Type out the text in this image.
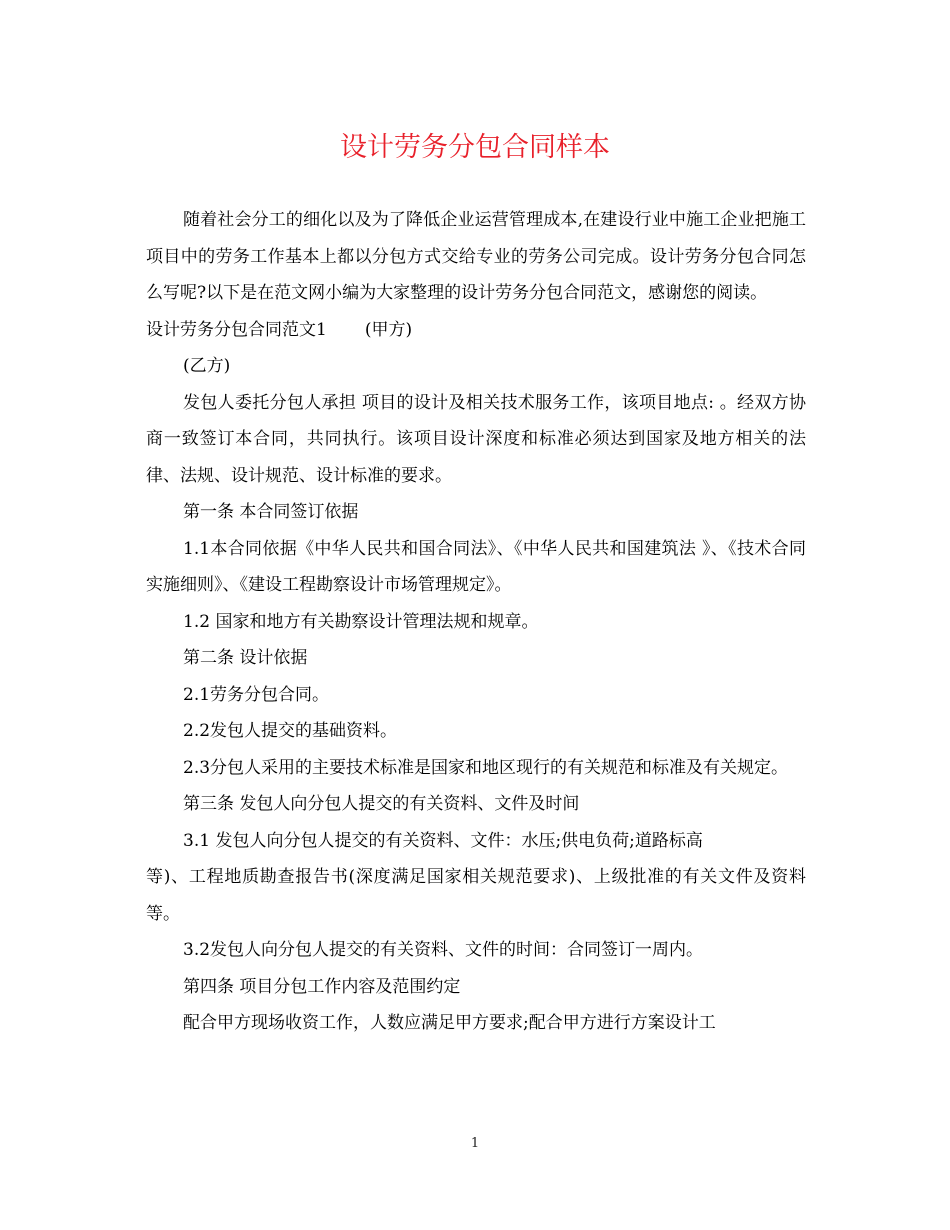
设计劳务分包合同样本

随着社会分工的细化以及为了降低企业运营管理成本,在建设行业中施工企业把施工项目中的劳务工作基本上都以分包方式交给专业的劳务公司完成。设计劳务分包合同怎么写呢?以下是在范文网小编为大家整理的设计劳务分包合同范文，感谢您的阅读。

设计劳务分包合同范文1 (甲方)

(乙方)

发包人委托分包人承担 项目的设计及相关技术服务工作，该项目地点: 。经双方协商一致签订本合同，共同执行。该项目设计深度和标准必须达到国家及地方相关的法律、法规、设计规范、设计标准的要求。

第一条 本合同签订依据

1.1本合同依据《中华人民共和国合同法》、《中华人民共和国建筑法 》、《技术合同实施细则》、《建设工程勘察设计市场管理规定》。

1.2 国家和地方有关勘察设计管理法规和规章。

第二条 设计依据

2.1劳务分包合同。

2.2发包人提交的基础资料。

2.3分包人采用的主要技术标准是国家和地区现行的有关规范和标准及有关规定。

第三条 发包人向分包人提交的有关资料、文件及时间

3.1 发包人向分包人提交的有关资料、文件：水压;供电负荷;道路标高

等)、工程地质勘查报告书(深度满足国家相关规范要求)、上级批准的有关文件及资料等。

3.2发包人向分包人提交的有关资料、文件的时间：合同签订一周内。

第四条 项目分包工作内容及范围约定

配合甲方现场收资工作，人数应满足甲方要求;配合甲方进行方案设计工

1
